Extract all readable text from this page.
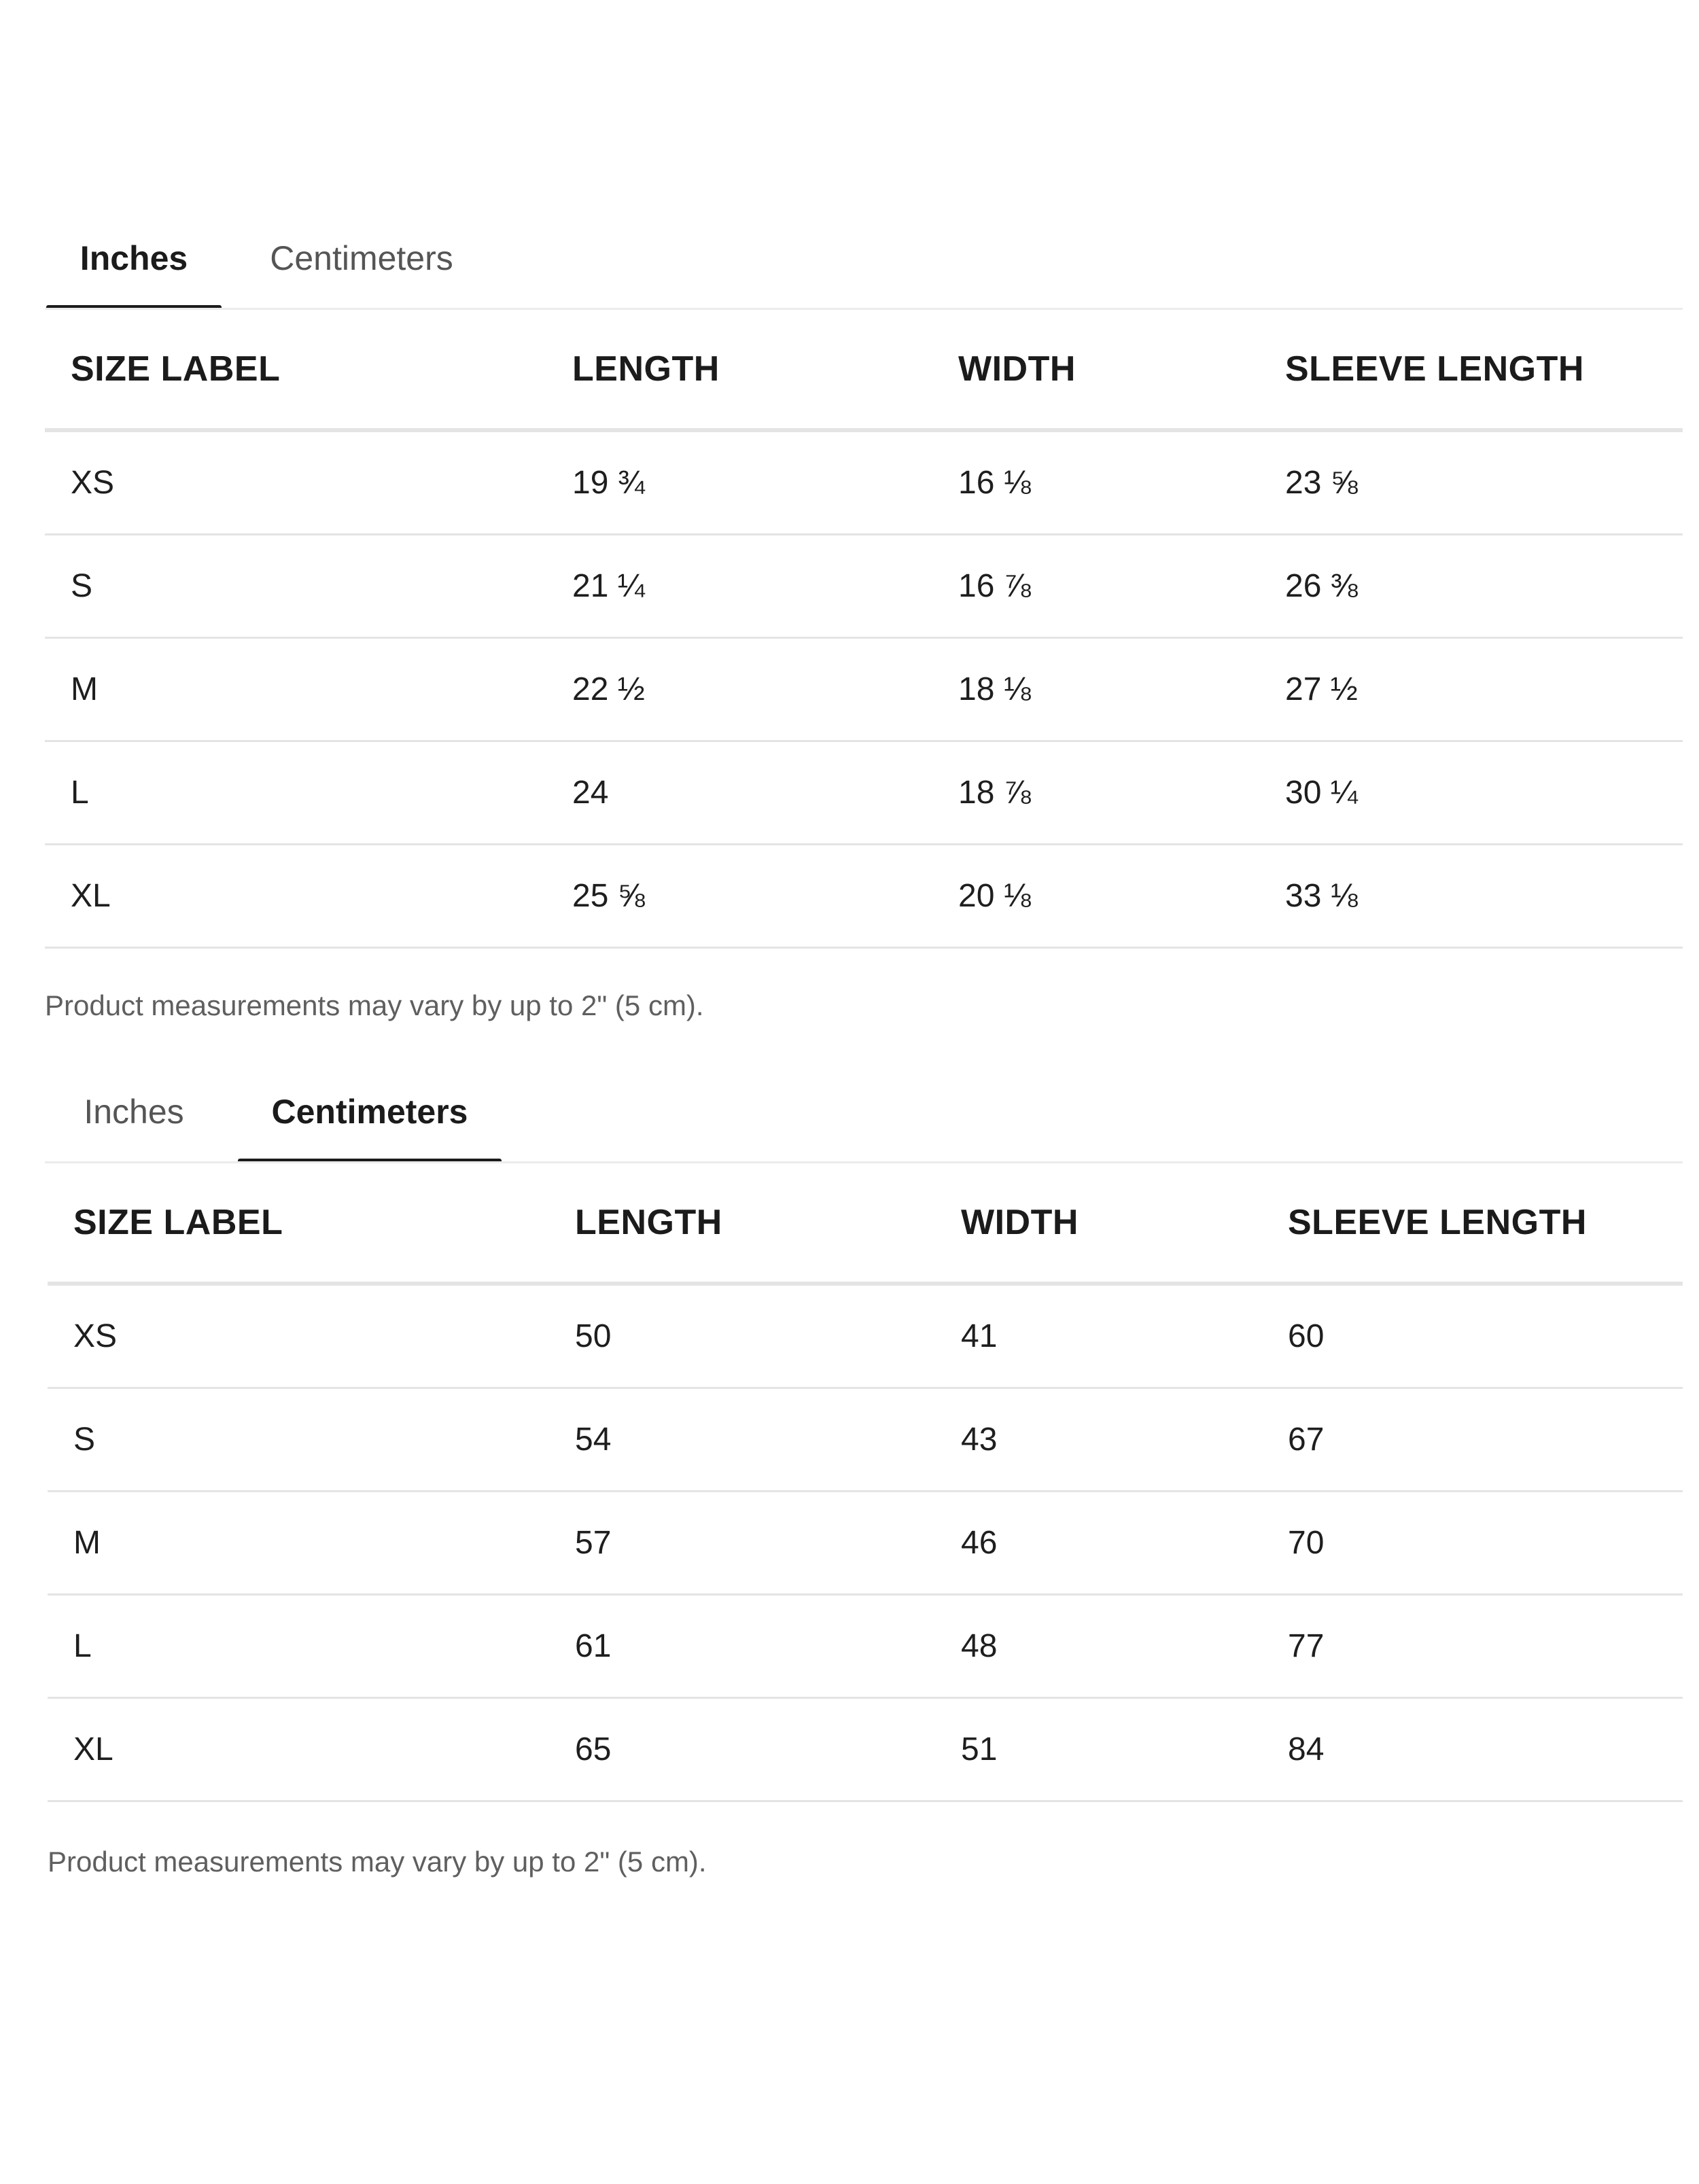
Inches Centimeters
SIZE LABEL	LENGTH	WIDTH	SLEEVE LENGTH
XS	19 ¾	16 ⅛	23 ⅝
S	21 ¼	16 ⅞	26 ⅜
M	22 ½	18 ⅛	27 ½
L	24	18 ⅞	30 ¼
XL	25 ⅝	20 ⅛	33 ⅛
Product measurements may vary by up to 2" (5 cm).
Inches	Centimeters
SIZE LABEL	LENGTH	WIDTH	SLEEVE LENGTH
XS	50	41	60
S	54	43	67
M	57	46	70
L	61	48	77
XL	65	51	84
Product measurements may vary by up to 2" (5 cm).
